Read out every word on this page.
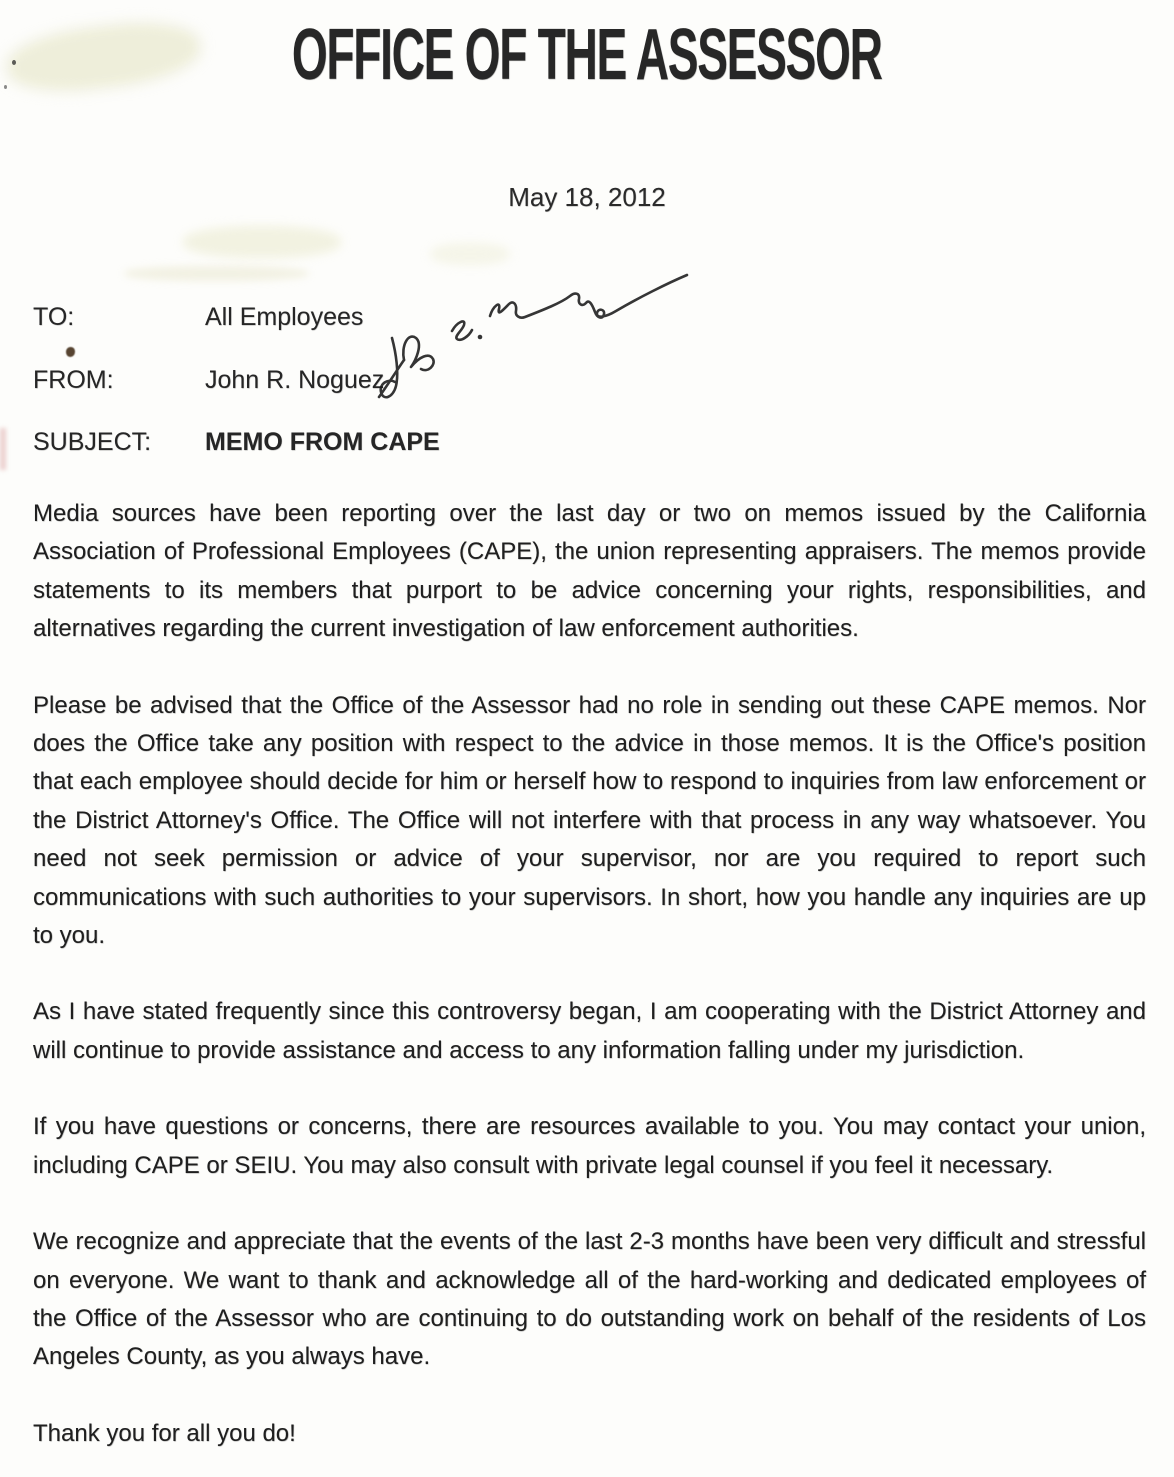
OFFICE OF THE ASSESSOR
May 18, 2012
TO:	All Employees
FROM:	John R. Noguez
SUBJECT: MEMO FROM CAPE

Media sources have been reporting over the last day or two on memos issued by the California Association of Professional Employees (CAPE), the union representing appraisers. The memos provide statements to its members that purport to be advice concerning your rights, responsibilities, and alternatives regarding the current investigation of law enforcement authorities.

Please be advised that the Office of the Assessor had no role in sending out these CAPE memos. Nor does the Office take any position with respect to the advice in those memos. It is the Office's position that each employee should decide for him or herself how to respond to inquiries from law enforcement or the District Attorney's Office. The Office will not interfere with that process in any way whatsoever. You need not seek permission or advice of your supervisor, nor are you required to report such communications with such authorities to your supervisors. In short, how you handle any inquiries are up to you.

As I have stated frequently since this controversy began, I am cooperating with the District Attorney and will continue to provide assistance and access to any information falling under my jurisdiction.

If you have questions or concerns, there are resources available to you. You may contact your union, including CAPE or SEIU. You may also consult with private legal counsel if you feel it necessary.

We recognize and appreciate that the events of the last 2-3 months have been very difficult and stressful on everyone. We want to thank and acknowledge all of the hard-working and dedicated employees of the Office of the Assessor who are continuing to do outstanding work on behalf of the residents of Los Angeles County, as you always have.

Thank you for all you do!
